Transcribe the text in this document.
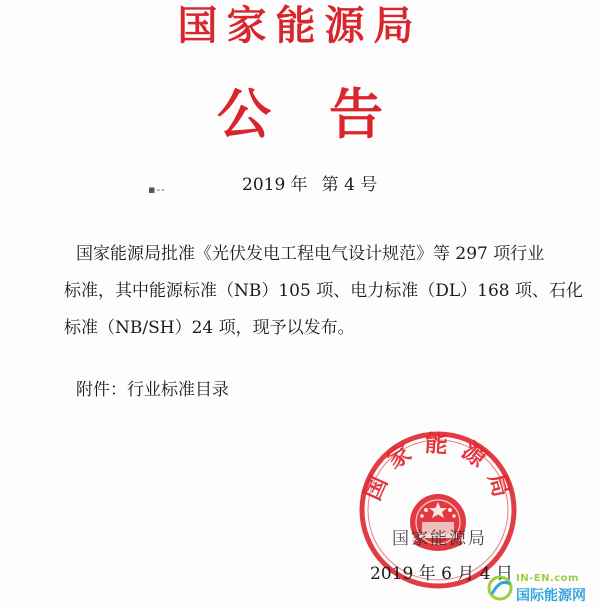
国家能源局
公告
▪‑‑	2019 年 第 4 号
国家能源局批准《光伏发电工程电气设计规范》等 297 项行业
标准，其中能源标准（NB）105 项、电力标准（DL）168 项、石化
标准（NB/SH）24 项，现予以发布。
附件：行业标准目录
国家能源局
国家能源局
2019 年 6 月 4 日 IN-EN.com
国际能源网
